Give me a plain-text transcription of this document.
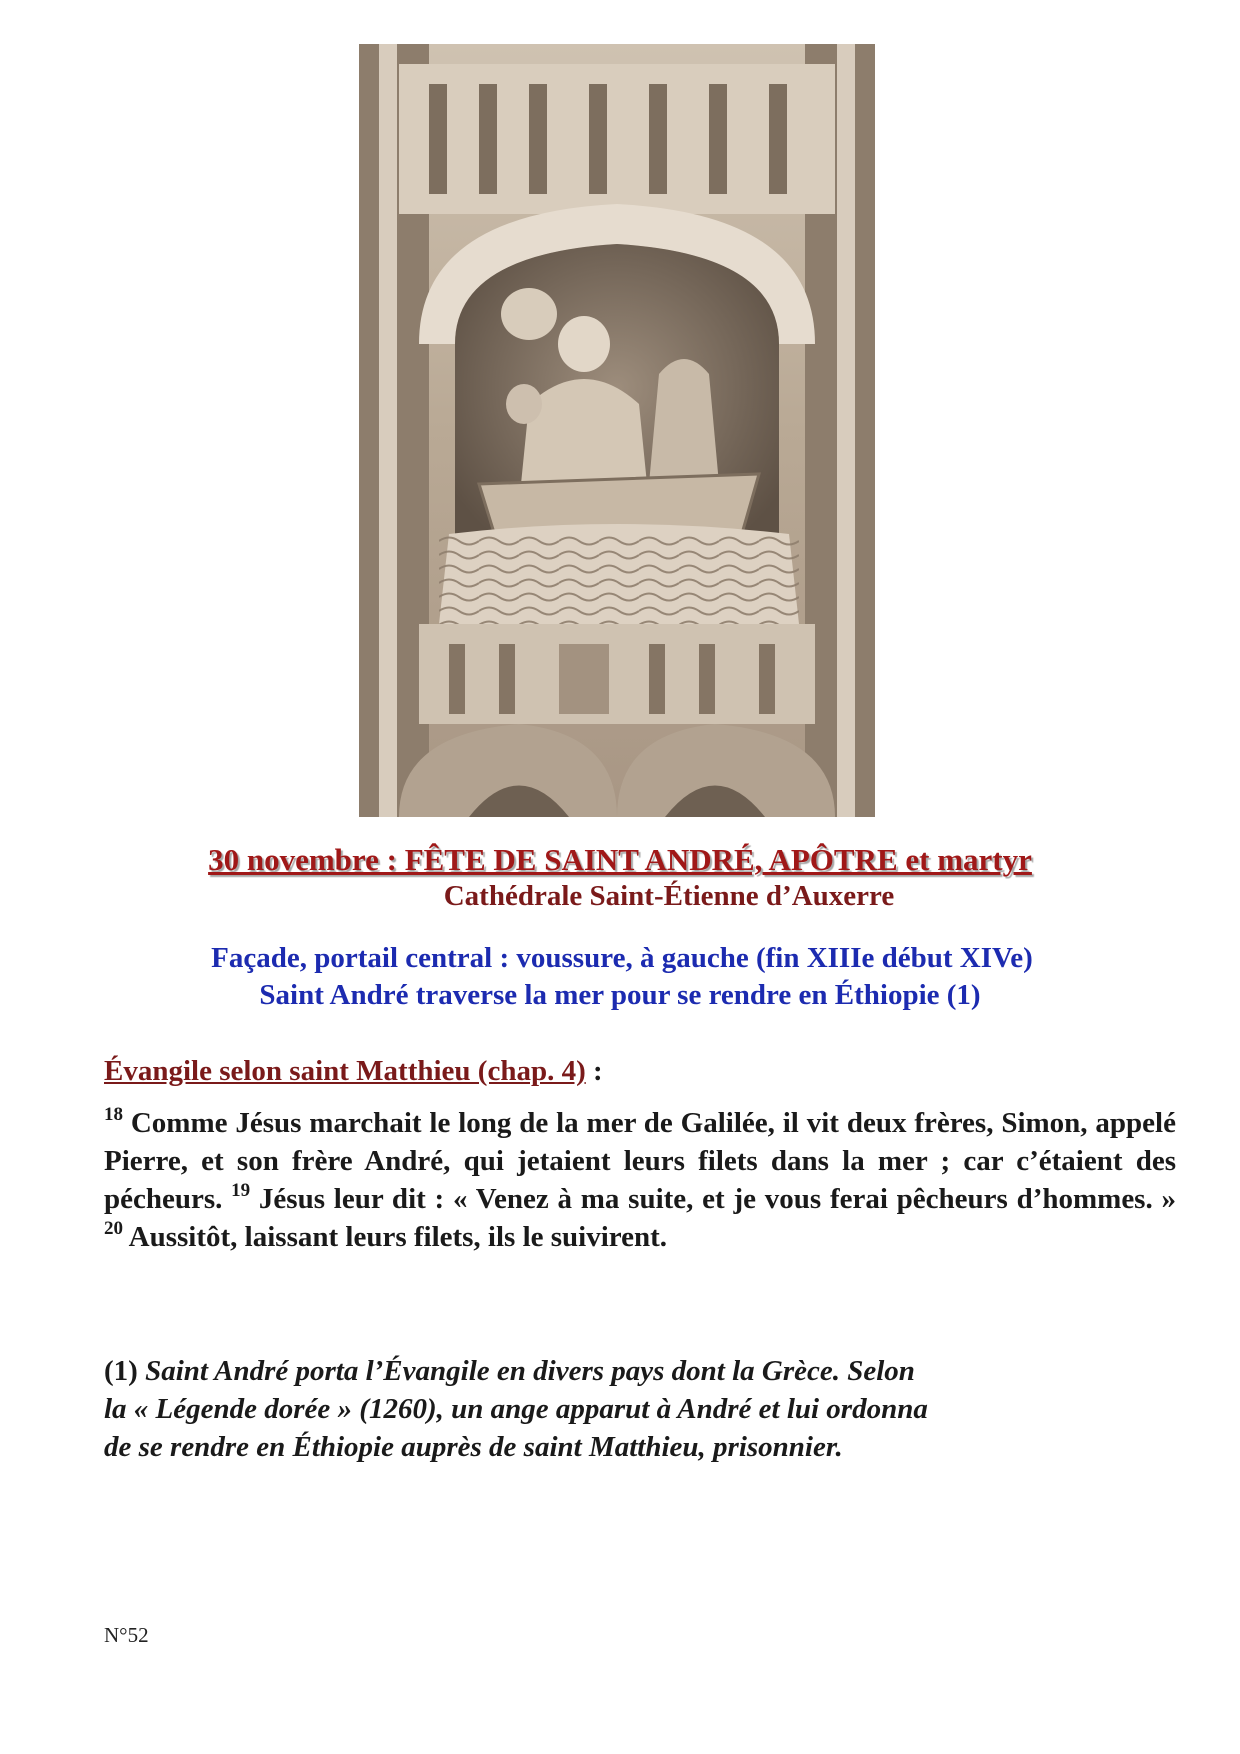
30 novembre : FÊTE DE SAINT ANDRÉ, APÔTRE et martyr
Cathédrale Saint-Étienne d’Auxerre
Façade, portail central : voussure, à gauche (fin XIIIe début XIVe)
Saint André traverse la mer pour se rendre en Éthiopie (1)
Évangile selon saint Matthieu (chap. 4) :
$^{18}$ Comme Jésus marchait le long de la mer de Galilée, il vit deux frères, Simon, appelé Pierre, et son frère André, qui jetaient leurs filets dans la mer ; car c’étaient des pécheurs. $^{19}$ Jésus leur dit : « Venez à ma suite, et je vous ferai pêcheurs d’hommes. » $^{20}$ Aussitôt, laissant leurs filets, ils le suivirent.
(1) Saint André porta l’Évangile en divers pays dont la Grèce. Selon
la « Légende dorée » (1260), un ange apparut à André et lui ordonna
de se rendre en Éthiopie auprès de saint Matthieu, prisonnier.
N°52
